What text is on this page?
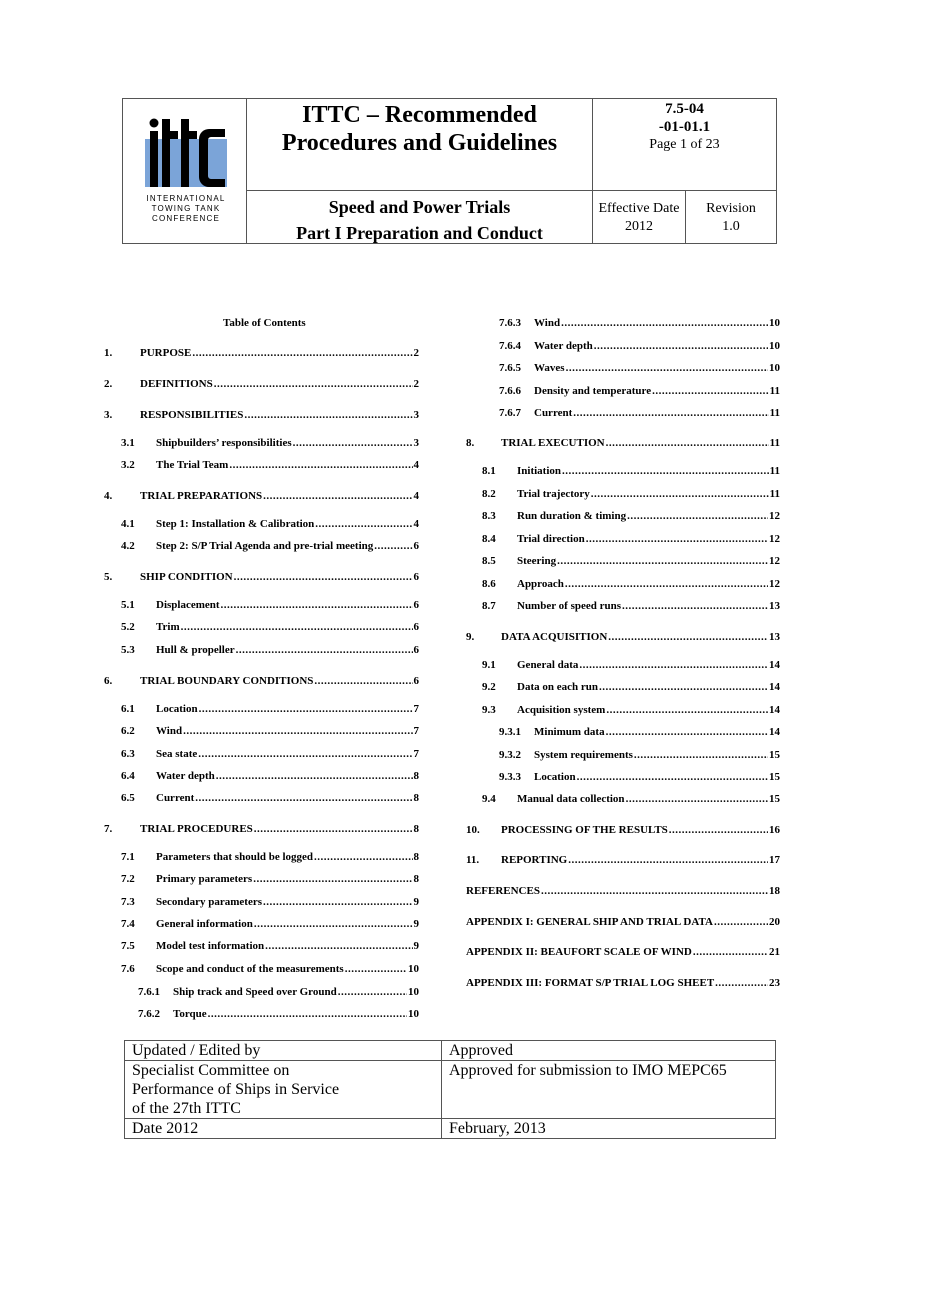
INTERNATIONAL
TOWING TANK
CONFERENCE
ITTC – Recommended
Procedures and Guidelines
7.5-04
-01-01.1
Page 1 of 23
Speed and Power Trials
Part I Preparation and Conduct
Effective Date
2012
Revision
1.0
Table of Contents
Updated / Edited by	Approved

Specialist Committee on
Performance of Ships in Service
of the 27th ITTC	Approved for submission to IMO MEPC65
Date 2012	February, 2013
1.	PURPOSE .....	2
2.	DEFINITIONS .....	2
3.	RESPONSIBILITIES .....	3
3.1 Shipbuilders’ responsibilities .....	3
3.2 The Trial Team .....	4
4.	TRIAL PREPARATIONS .....	4
4.1 Step 1: Installation & Calibration .....	4
4.2 Step 2: S/P Trial Agenda and pre-trial meeting .....	6
5.	SHIP CONDITION .....	6
5.1 Displacement .....	6
5.2 Trim .....	6
5.3 Hull & propeller .....	6
6.	TRIAL BOUNDARY CONDITIONS .....	6
6.1 Location .....	7
6.2 Wind .....	7
6.3 Sea state .....	7
6.4 Water depth .....	8
6.5 Current .....	8
7.	TRIAL PROCEDURES .....	8
7.1 Parameters that should be logged .....	8
7.2 Primary parameters .....	8
7.3 Secondary parameters .....	9
7.4 General information .....	9
7.5 Model test information .....	9
7.6 Scope and conduct of the measurements .....	10
7.6.1 Ship track and Speed over Ground .....	10
7.6.2 Torque .....	10
7.6.3 Wind .....	10
7.6.4 Water depth .....	10
7.6.5 Waves .....	10
7.6.6 Density and temperature .....	11
7.6.7 Current .....	11
8. TRIAL EXECUTION .....	11
8.1 Initiation .....	11
8.2 Trial trajectory .....	11
8.3 Run duration & timing .....	12
8.4 Trial direction .....	12
8.5 Steering .....	12
8.6 Approach .....	12
8.7 Number of speed runs .....	13
9. DATA ACQUISITION .....	13
9.1 General data .....	14
9.2 Data on each run .....	14
9.3 Acquisition system .....	14
9.3.1 Minimum data .....	14
9.3.2 System requirements .....	15
9.3.3 Location .....	15
9.4 Manual data collection .....	15
10. PROCESSING OF THE RESULTS .....	16
11. REPORTING .....	17
REFERENCES .....	18
APPENDIX I: GENERAL SHIP AND TRIAL DATA .....	20
APPENDIX II: BEAUFORT SCALE OF WIND .....	21
APPENDIX III: FORMAT S/P TRIAL LOG SHEET .....	23
